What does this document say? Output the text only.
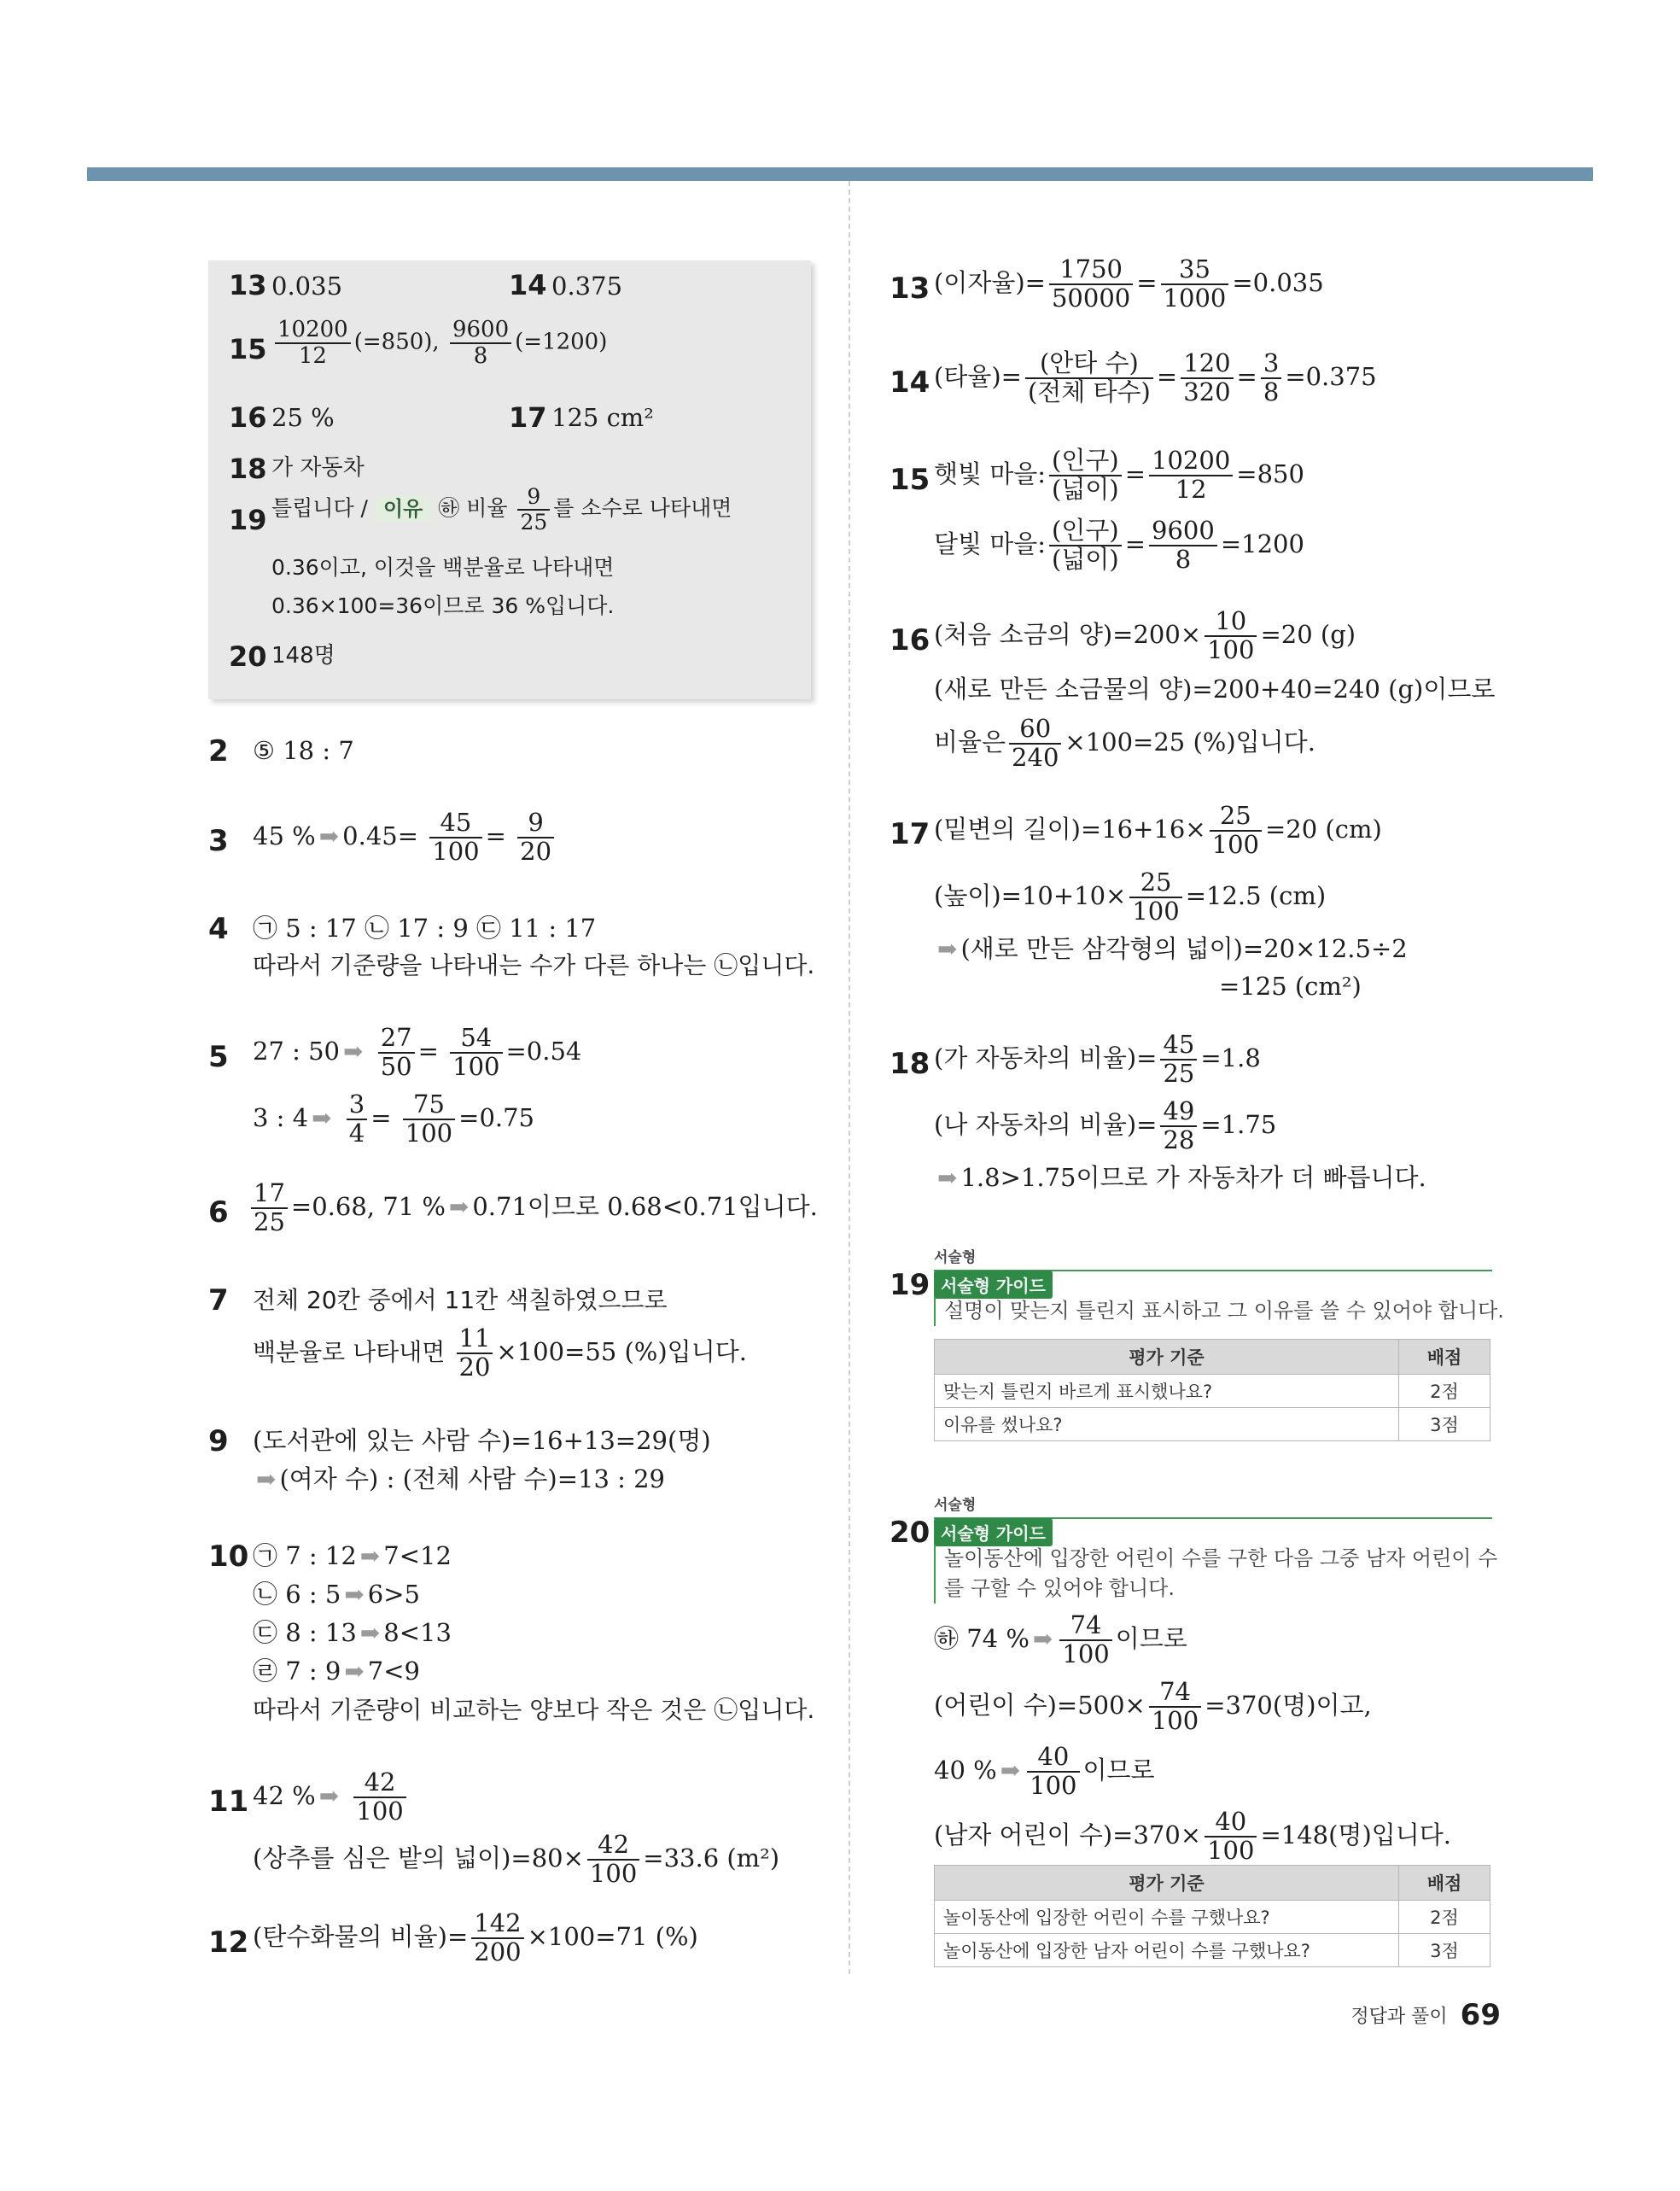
13 0.035	14 0.375
$15 \frac{10200}{12} (=850)$, $\frac{9600}{8} (=1200)$
16 25 %	17 125 cm²
18 가 자동차
19 틀립니다 / 이유 ㉻ 비율 $\frac{9}{25}$ 를 소수로 나타내면
0.36이고, 이것을 백분율로 나타내면
0.36×100=36이므로 36 %입니다.
20 148명
2 ⑤ 18 : 7
3 45 % ➡ $0.45= \frac{45}{100} = \frac{9}{20}$
4 ㉠ 5 : 17 ㉡ 17 : 9 ㉢ 11 : 17
따라서 기준량을 나타내는 수가 다른 하나는 ㉡입니다.
5 27 : 50 ➡ $\frac{27}{50} = \frac{54}{100} =0.54$
3 : 4 ➡ $\frac{3}{4} = \frac{75}{100} =0.75$
$6 \frac{17}{25} =0.68$, 71 % ➡ 0.71이므로 0.68<0.71입니다.
7 전체 20칸 중에서 11칸 색칠하였으므로
백분율로 나타내면 $\frac{11}{20} \times 100=55$ (%)입니다.
9 (도서관에 있는 사람 수)=16+13=29(명)
➡ (여자 수) : (전체 사람 수)=13 : 29
10 ㉠ 7 : 12 ➡ 7<12
㉡ 6 : 5 ➡ 6>5
㉢ 8 : 13 ➡ 8<13
㉣ 7 : 9 ➡ 7<9
따라서 기준량이 비교하는 양보다 작은 것은 ㉡입니다.
11 42 % ➡ $\frac{42}{100}$
(상추를 심은 밭의 넓이)$=80\times \frac{42}{100} =33.6$ (m²)
12 (탄수화물의 비율)= $\frac{142}{200} \times 100=71$ (%)
13 (이자율)= $\frac{1750}{50000} = \frac{35}{1000} =0.035$
14 (타율)= $\frac{\text{(안타 수)}}{\text{(전체 타수)}} = \frac{120}{320} = \frac{3}{8} =0.375$
15 햇빛 마을: $\frac{\text{(인구)}}{\text{(넓이)}} = \frac{10200}{12} =850$
달빛 마을: $\frac{\text{(인구)}}{\text{(넓이)}} = \frac{9600}{8} =1200$
16 (처음 소금의 양)$=200\times \frac{10}{100} =20$ (g)
(새로 만든 소금물의 양)=200+40=240 (g)이므로
비율은 $\frac{60}{240} \times 100=25$ (%)입니다.
17 (밑변의 길이)$=16+16\times \frac{25}{100} =20$ (cm)
(높이)$=10+10\times \frac{25}{100} =12.5$ (cm)
➡ (새로 만든 삼각형의 넓이)=20×12.5÷2
=125 (cm²)
18 (가 자동차의 비율)= $\frac{45}{25} =1.8$
(나 자동차의 비율)= $\frac{49}{28} =1.75$
➡ 1.8>1.75이므로 가 자동차가 더 빠릅니다.
서술형
19 서술형 가이드
설명이 맞는지 틀린지 표시하고 그 이유를 쓸 수 있어야 합니다.
평가 기준	배점
맞는지 틀린지 바르게 표시했나요?	2점
이유를 썼나요?	3점
서술형
20 서술형 가이드
놀이동산에 입장한 어린이 수를 구한 다음 그중 남자 어린이 수
를 구할 수 있어야 합니다.
㉻ 74 % ➡ $\frac{74}{100}$ 이므로
(어린이 수)$=500\times \frac{74}{100} =370$(명)이고,
40 % ➡ $\frac{40}{100}$ 이므로
(남자 어린이 수)$=370\times \frac{40}{100} =148$(명)입니다.
평가 기준	배점
놀이동산에 입장한 어린이 수를 구했나요?	2점
놀이동산에 입장한 남자 어린이 수를 구했나요?	3점
정답과 풀이 69
